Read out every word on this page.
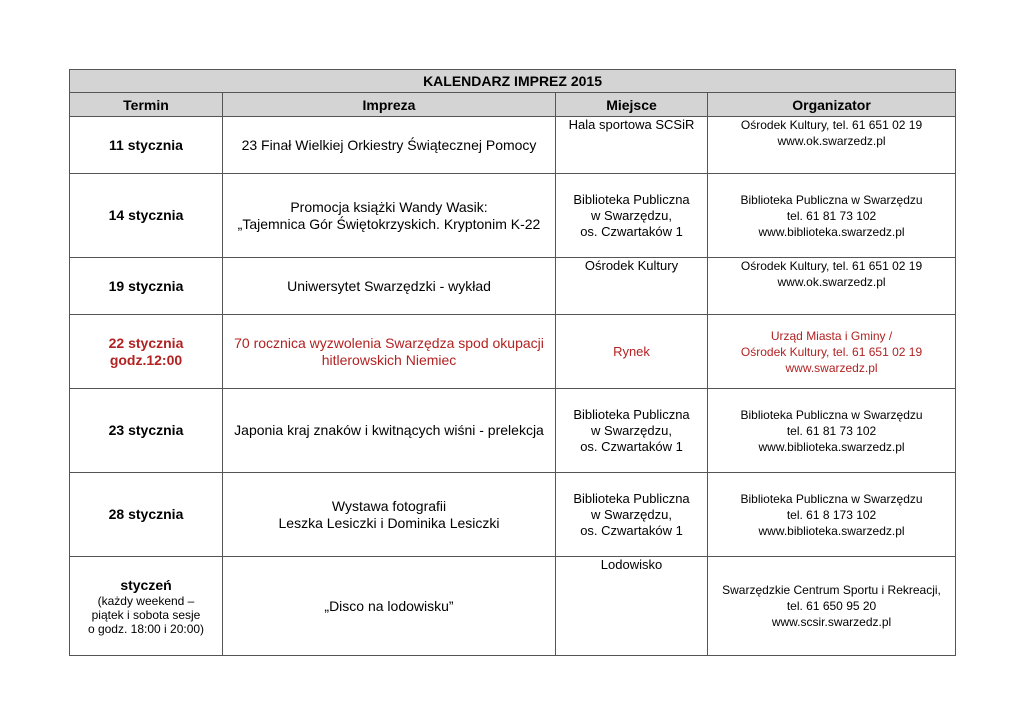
KALENDARZ IMPREZ 2015			
Termin	Impreza	Miejsce	Organizator

11 stycznia	23 Finał Wielkiej Orkiestry Świątecznej Pomocy	Hala sportowa SCSiR	Ośrodek Kultury, tel. 61 651 02 19
www.ok.swarzedz.pl

14 stycznia	Promocja książki Wandy Wasik:
„Tajemnica Gór Świętokrzyskich. Kryptonim K-22	Biblioteka Publiczna
w Swarzędzu,
os. Czwartaków 1	Biblioteka Publiczna w Swarzędzu
tel. 61 81 73 102
www.biblioteka.swarzedz.pl

19 stycznia	Uniwersytet Swarzędzki - wykład	Ośrodek Kultury	Ośrodek Kultury, tel. 61 651 02 19
www.ok.swarzedz.pl

22 stycznia
godz.12:00	70 rocznica wyzwolenia Swarzędza spod okupacji
hitlerowskich Niemiec	Rynek	Urząd Miasta i Gminy /
Ośrodek Kultury, tel. 61 651 02 19
www.swarzedz.pl

23 stycznia	Japonia kraj znaków i kwitnących wiśni - prelekcja	Biblioteka Publiczna
w Swarzędzu,
os. Czwartaków 1	Biblioteka Publiczna w Swarzędzu
tel. 61 81 73 102
www.biblioteka.swarzedz.pl

28 stycznia	Wystawa fotografii
Leszka Lesiczki i Dominika Lesiczki	Biblioteka Publiczna
w Swarzędzu,
os. Czwartaków 1	Biblioteka Publiczna w Swarzędzu
tel. 61 8 173 102
www.biblioteka.swarzedz.pl

styczeń
(każdy weekend –
piątek i sobota sesje
o godz. 18:00 i 20:00)	„Disco na lodowisku”	Lodowisko	Swarzędzkie Centrum Sportu i Rekreacji,
tel. 61 650 95 20
www.scsir.swarzedz.pl
